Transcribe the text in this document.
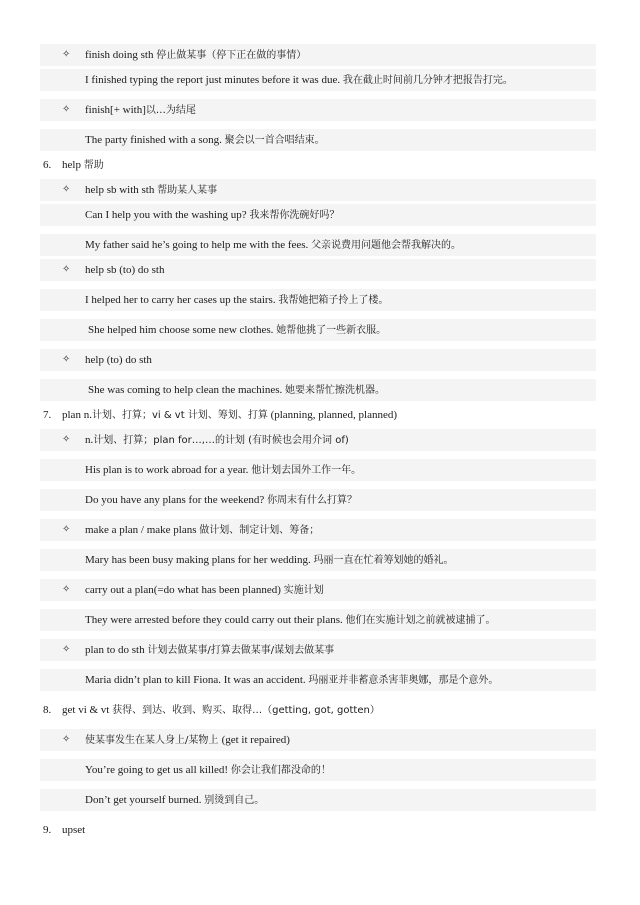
✧ finish doing sth 停止做某事（停下正在做的事情）
I finished typing the report just minutes before it was due. 我在截止时间前几分钟才把报告打完。
✧ finish[+ with]以…为结尾
The party finished with a song. 聚会以一首合唱结束。
6. help 帮助
✧ help sb with sth 帮助某人某事
Can I help you with the washing up? 我来帮你洗碗好吗？
My father said he’s going to help me with the fees. 父亲说费用问题他会帮我解决的。
✧ help sb (to) do sth
I helped her to carry her cases up the stairs. 我帮她把箱子拎上了楼。
She helped him choose some new clothes. 她帮他挑了一些新衣服。
✧ help (to) do sth
She was coming to help clean the machines. 她要来帮忙擦洗机器。
7. plan n.计划、打算；vi & vt 计划、筹划、打算 (planning, planned, planned)
✧ n.计划、打算；plan for…,…的计划 (有时候也会用介词 of)
His plan is to work abroad for a year. 他计划去国外工作一年。
Do you have any plans for the weekend? 你周末有什么打算？
✧ make a plan / make plans 做计划、制定计划、筹备；
Mary has been busy making plans for her wedding. 玛丽一直在忙着筹划她的婚礼。
✧ carry out a plan(=do what has been planned) 实施计划
They were arrested before they could carry out their plans. 他们在实施计划之前就被逮捕了。
✧ plan to do sth 计划去做某事/打算去做某事/谋划去做某事
Maria didn’t plan to kill Fiona. It was an accident. 玛丽亚并非蓄意杀害菲奥娜，那是个意外。
8. get vi & vt 获得、到达、收到、购买、取得…（getting, got, gotten）
✧ 使某事发生在某人身上/某物上 (get it repaired)
You’re going to get us all killed! 你会让我们都没命的！
Don’t get yourself burned. 别烫到自己。
9. upset
